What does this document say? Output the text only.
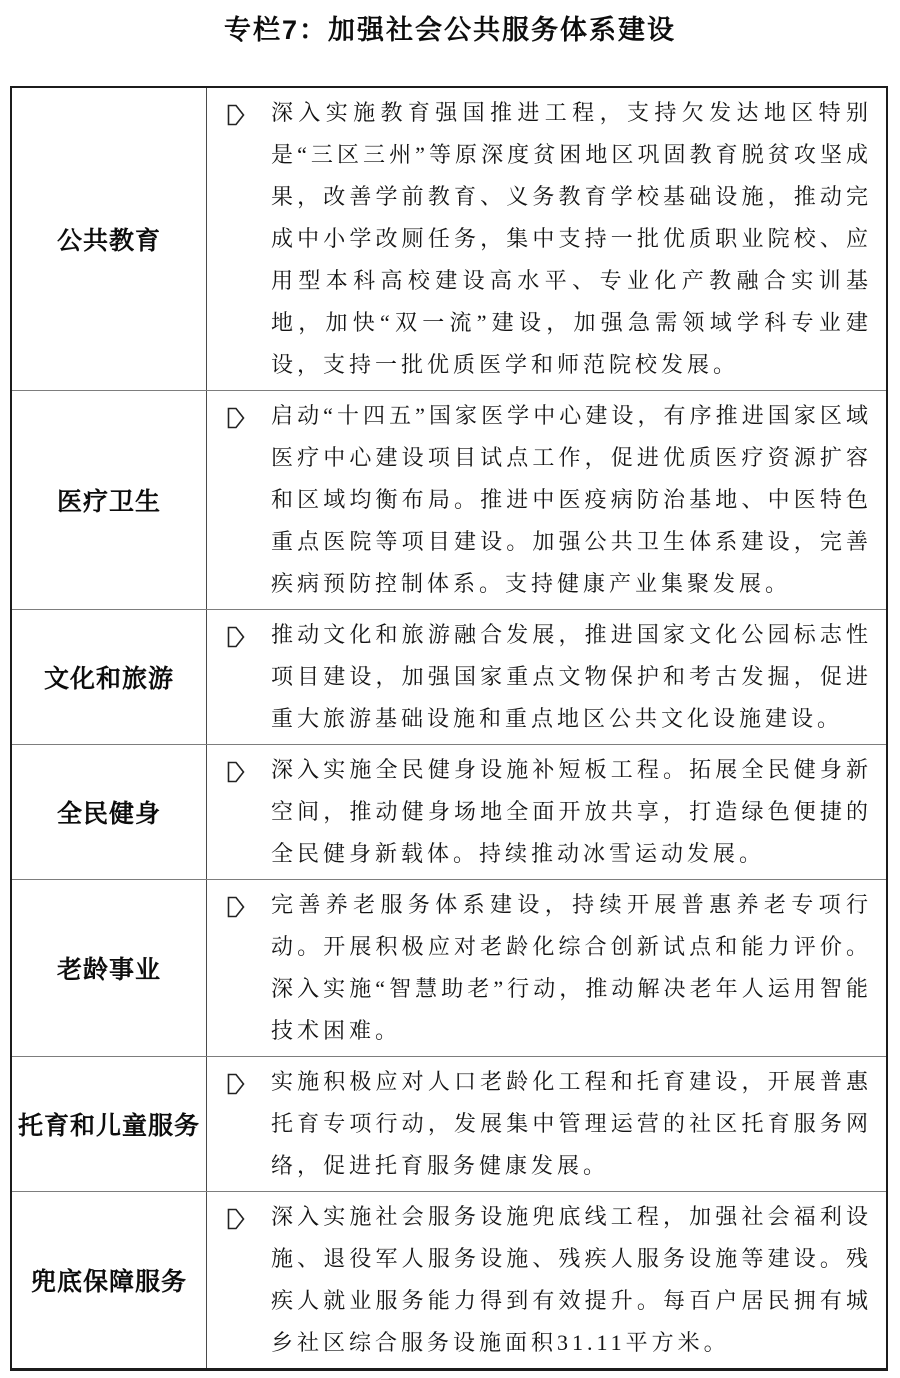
专栏7：加强社会公共服务体系建设
公共教育

深入实施教育强国推进工程，支持欠发达地区特别是“三区三州”等原深度贫困地区巩固教育脱贫攻坚成果，改善学前教育、义务教育学校基础设施，推动完成中小学改厕任务，集中支持一批优质职业院校、应用型本科高校建设高水平、专业化产教融合实训基地，加快“双一流”建设，加强急需领域学科专业建设，支持一批优质医学和师范院校发展。

医疗卫生

启动“十四五”国家医学中心建设，有序推进国家区域医疗中心建设项目试点工作，促进优质医疗资源扩容和区域均衡布局。推进中医疫病防治基地、中医特色重点医院等项目建设。加强公共卫生体系建设，完善疾病预防控制体系。支持健康产业集聚发展。

文化和旅游

推动文化和旅游融合发展，推进国家文化公园标志性项目建设，加强国家重点文物保护和考古发掘，促进重大旅游基础设施和重点地区公共文化设施建设。

全民健身

深入实施全民健身设施补短板工程。拓展全民健身新空间，推动健身场地全面开放共享，打造绿色便捷的全民健身新载体。持续推动冰雪运动发展。

老龄事业

完善养老服务体系建设，持续开展普惠养老专项行动。开展积极应对老龄化综合创新试点和能力评价。深入实施“智慧助老”行动，推动解决老年人运用智能技术困难。

托育和儿童服务

实施积极应对人口老龄化工程和托育建设，开展普惠托育专项行动，发展集中管理运营的社区托育服务网络，促进托育服务健康发展。

兜底保障服务

深入实施社会服务设施兜底线工程，加强社会福利设施、退役军人服务设施、残疾人服务设施等建设。残疾人就业服务能力得到有效提升。每百户居民拥有城乡社区综合服务设施面积31.11平方米。
